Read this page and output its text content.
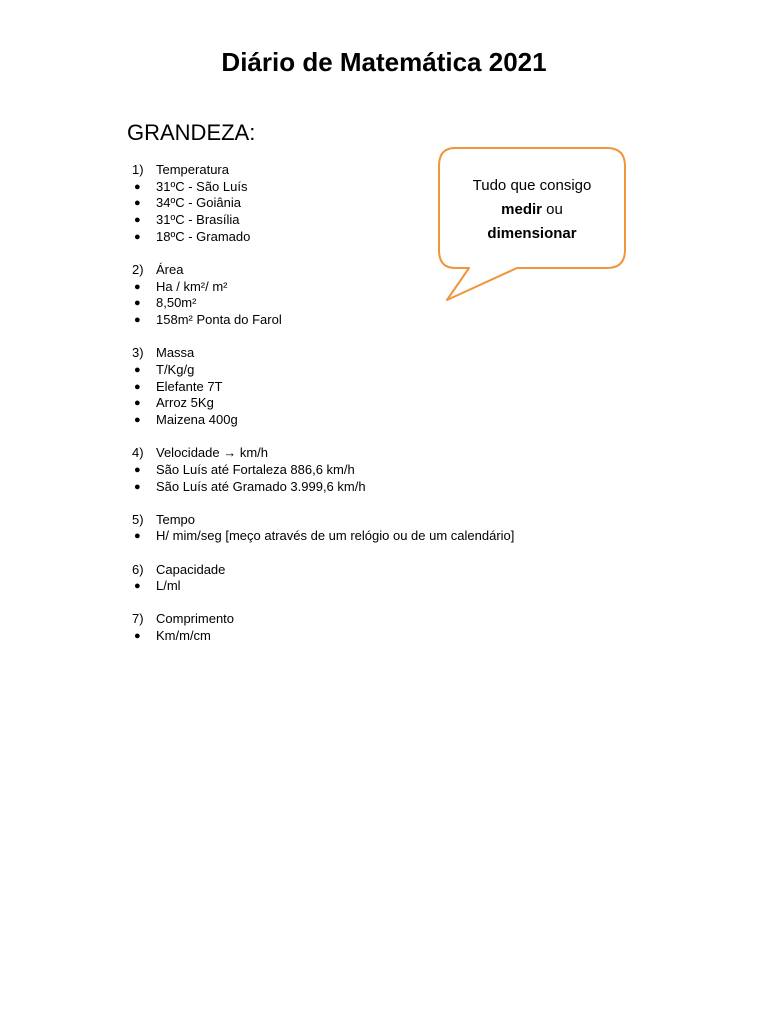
Diário de Matemática 2021
GRANDEZA:
1) Temperatura
● 31ºC - São Luís
● 34ºC - Goiânia
● 31ºC - Brasília
● 18ºC - Gramado
2) Área
● Ha / km²/ m²
● 8,50m²
● 158m² Ponta do Farol
3) Massa
● T/Kg/g
● Elefante 7T
● Arroz 5Kg
● Maizena 400g
4) Velocidade → km/h
● São Luís até Fortaleza 886,6 km/h
● São Luís até Gramado 3.999,6 km/h
5) Tempo
● H/ mim/seg [meço através de um relógio ou de um calendário]
6) Capacidade
● L/ml
7) Comprimento
● Km/m/cm
Tudo que consigo
medir ou
dimensionar
